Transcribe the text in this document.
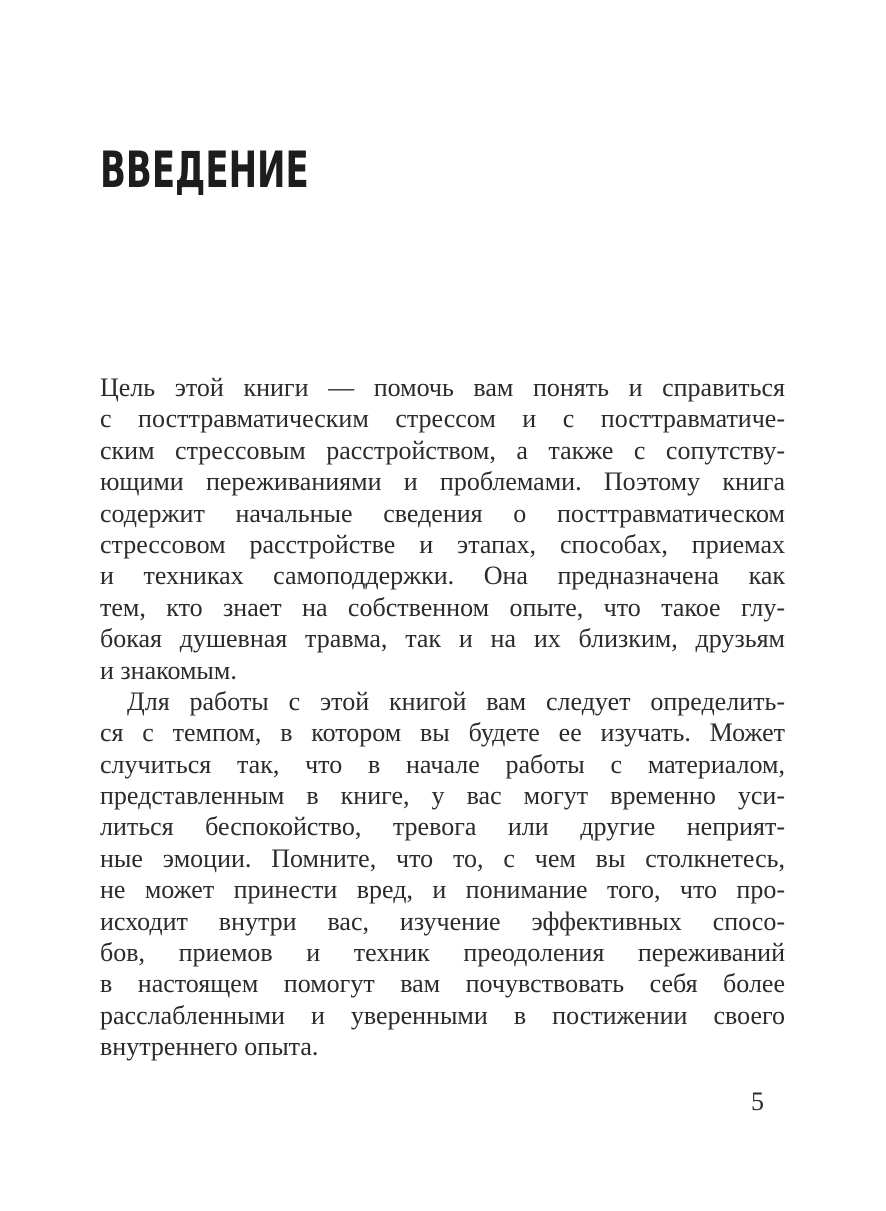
ВВЕДЕНИЕ
Цель этой книги — помочь вам понять и справиться
с посттравматическим стрессом и с посттравматиче-
ским стрессовым расстройством, а также с сопутству-
ющими переживаниями и проблемами. Поэтому книга
содержит начальные сведения о посттравматическом
стрессовом расстройстве и этапах, способах, приемах
и техниках самоподдержки. Она предназначена как
тем, кто знает на собственном опыте, что такое глу-
бокая душевная травма, так и на их близким, друзьям
и знакомым.
Для работы с этой книгой вам следует определить-
ся с темпом, в котором вы будете ее изучать. Может
случиться так, что в начале работы с материалом,
представленным в книге, у вас могут временно уси-
литься беспокойство, тревога или другие неприят-
ные эмоции. Помните, что то, с чем вы столкнетесь,
не может принести вред, и понимание того, что про-
исходит внутри вас, изучение эффективных спосо-
бов, приемов и техник преодоления переживаний
в настоящем помогут вам почувствовать себя более
расслабленными и уверенными в постижении своего
внутреннего опыта.
5
